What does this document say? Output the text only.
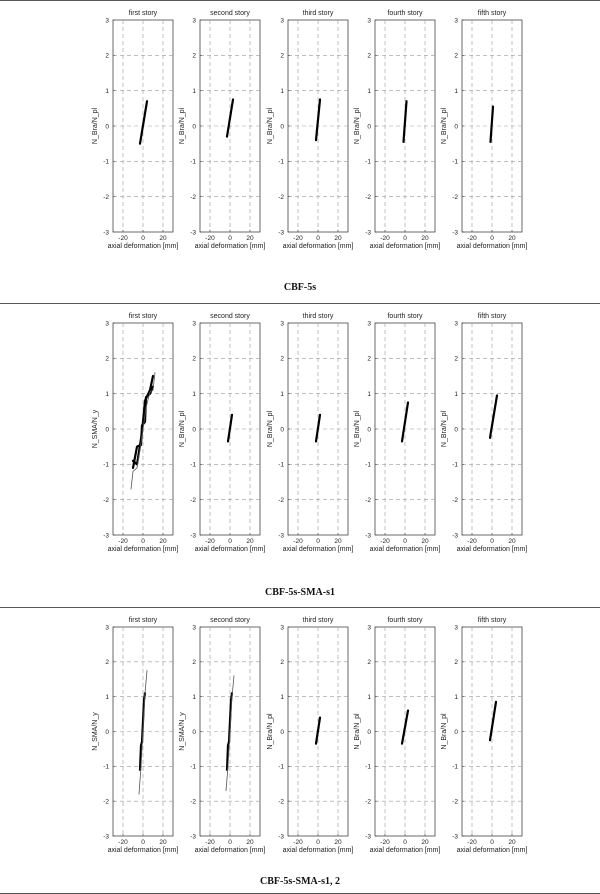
-3
-2
-1
0
1
2
3
-20 0 20
first story
axial deformation [mm]
N_Bra/N_pl
-3
-2
-1
0
1
2
3
-20 0 20
second story
axial deformation [mm]
N_Bra/N_pl
-3
-2
-1
0
1
2
3
-20 0 20
third story
axial deformation [mm]
N_Bra/N_pl
-3
-2
-1
0
1
2
3
-20 0 20
fourth story
axial deformation [mm]
N_Bra/N_pl
-3
-2
-1
0
1
2
3
-20 0 20
fifth story
axial deformation [mm]
N_Bra/N_pl
CBF-5s
-3
-2
-1
0
1
2
3
-20 0 20
first story
axial deformation [mm]
N_SMA/N_y
-3
-2
-1
0
1
2
3
-20 0 20
second story
axial deformation [mm]
N_Bra/N_pl
-3
-2
-1
0
1
2
3
-20 0 20
third story
axial deformation [mm]
N_Bra/N_pl
-3
-2
-1
0
1
2
3
-20 0 20
fourth story
axial deformation [mm]
N_Bra/N_pl
-3
-2
-1
0
1
2
3
-20 0 20
fifth story
axial deformation [mm]
N_Bra/N_pl
CBF-5s-SMA-s1
-3
-2
-1
0
1
2
3
-20 0 20
first story
axial deformation [mm]
N_SMA/N_y
-3
-2
-1
0
1
2
3
-20 0 20
second story
axial deformation [mm]
N_SMA/N_y
-3
-2
-1
0
1
2
3
-20 0 20
third story
axial deformation [mm]
N_Bra/N_pl
-3
-2
-1
0
1
2
3
-20 0 20
fourth story
axial deformation [mm]
N_Bra/N_pl
-3
-2
-1
0
1
2
3
-20 0 20
fifth story
axial deformation [mm]
N_Bra/N_pl
CBF-5s-SMA-s1, 2
